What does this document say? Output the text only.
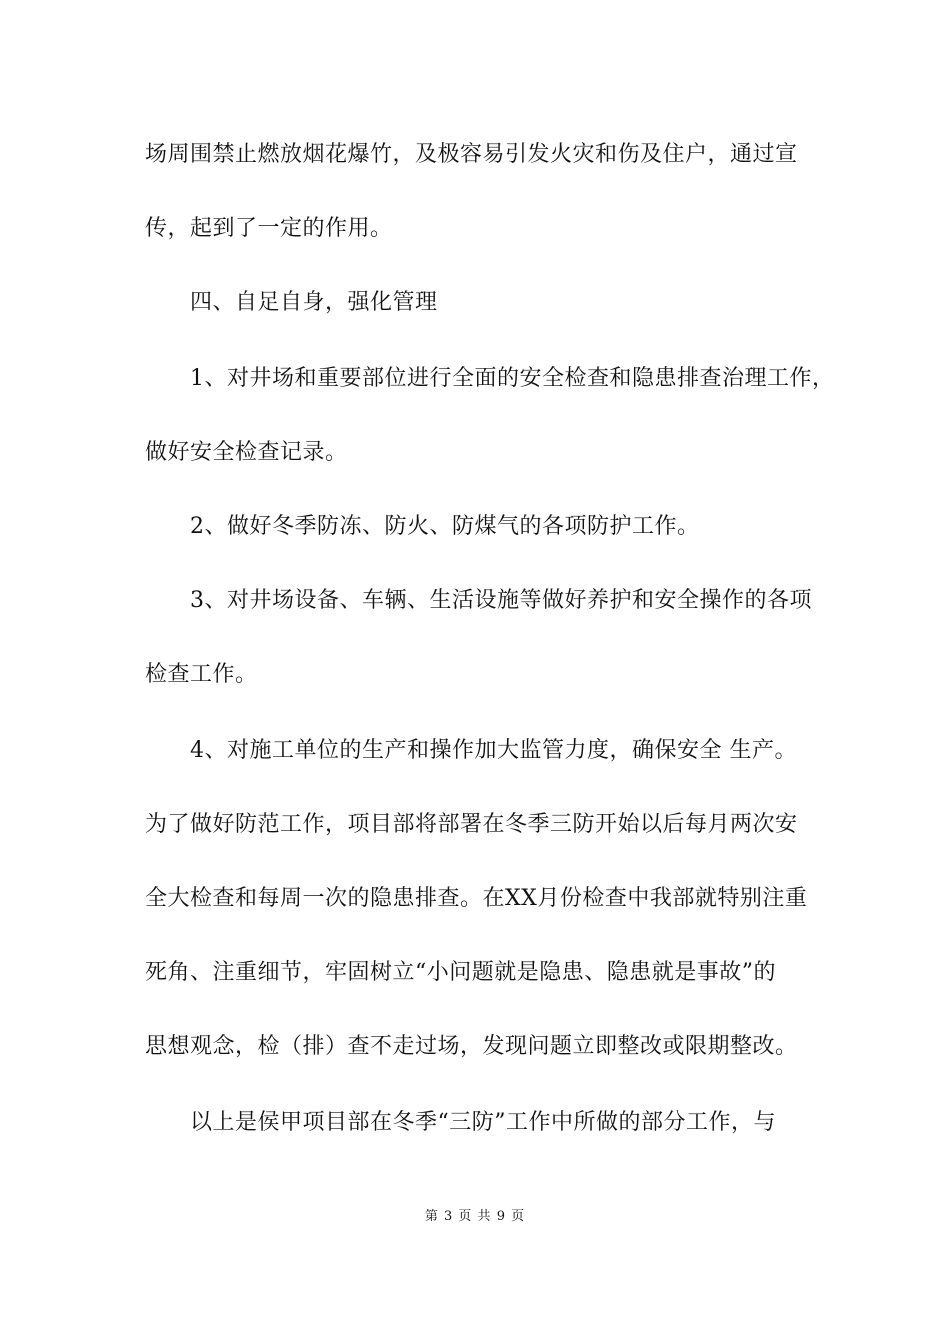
场周围禁止燃放烟花爆竹，及极容易引发火灾和伤及住户，通过宣
传，起到了一定的作用。
四、自足自身，强化管理
1、对井场和重要部位进行全面的安全检查和隐患排查治理工作，
做好安全检查记录。
2、做好冬季防冻、防火、防煤气的各项防护工作。
3、对井场设备、车辆、生活设施等做好养护和安全操作的各项
检查工作。
4、对施工单位的生产和操作加大监管力度，确保安全 生产。
为了做好防范工作，项目部将部署在冬季三防开始以后每月两次安
全大检查和每周一次的隐患排查。在XX月份检查中我部就特别注重
死角、注重细节，牢固树立“小问题就是隐患、隐患就是事故”的
思想观念，检（排）查不走过场，发现问题立即整改或限期整改。
以上是侯甲项目部在冬季“三防”工作中所做的部分工作，与
第 3 页 共 9 页
